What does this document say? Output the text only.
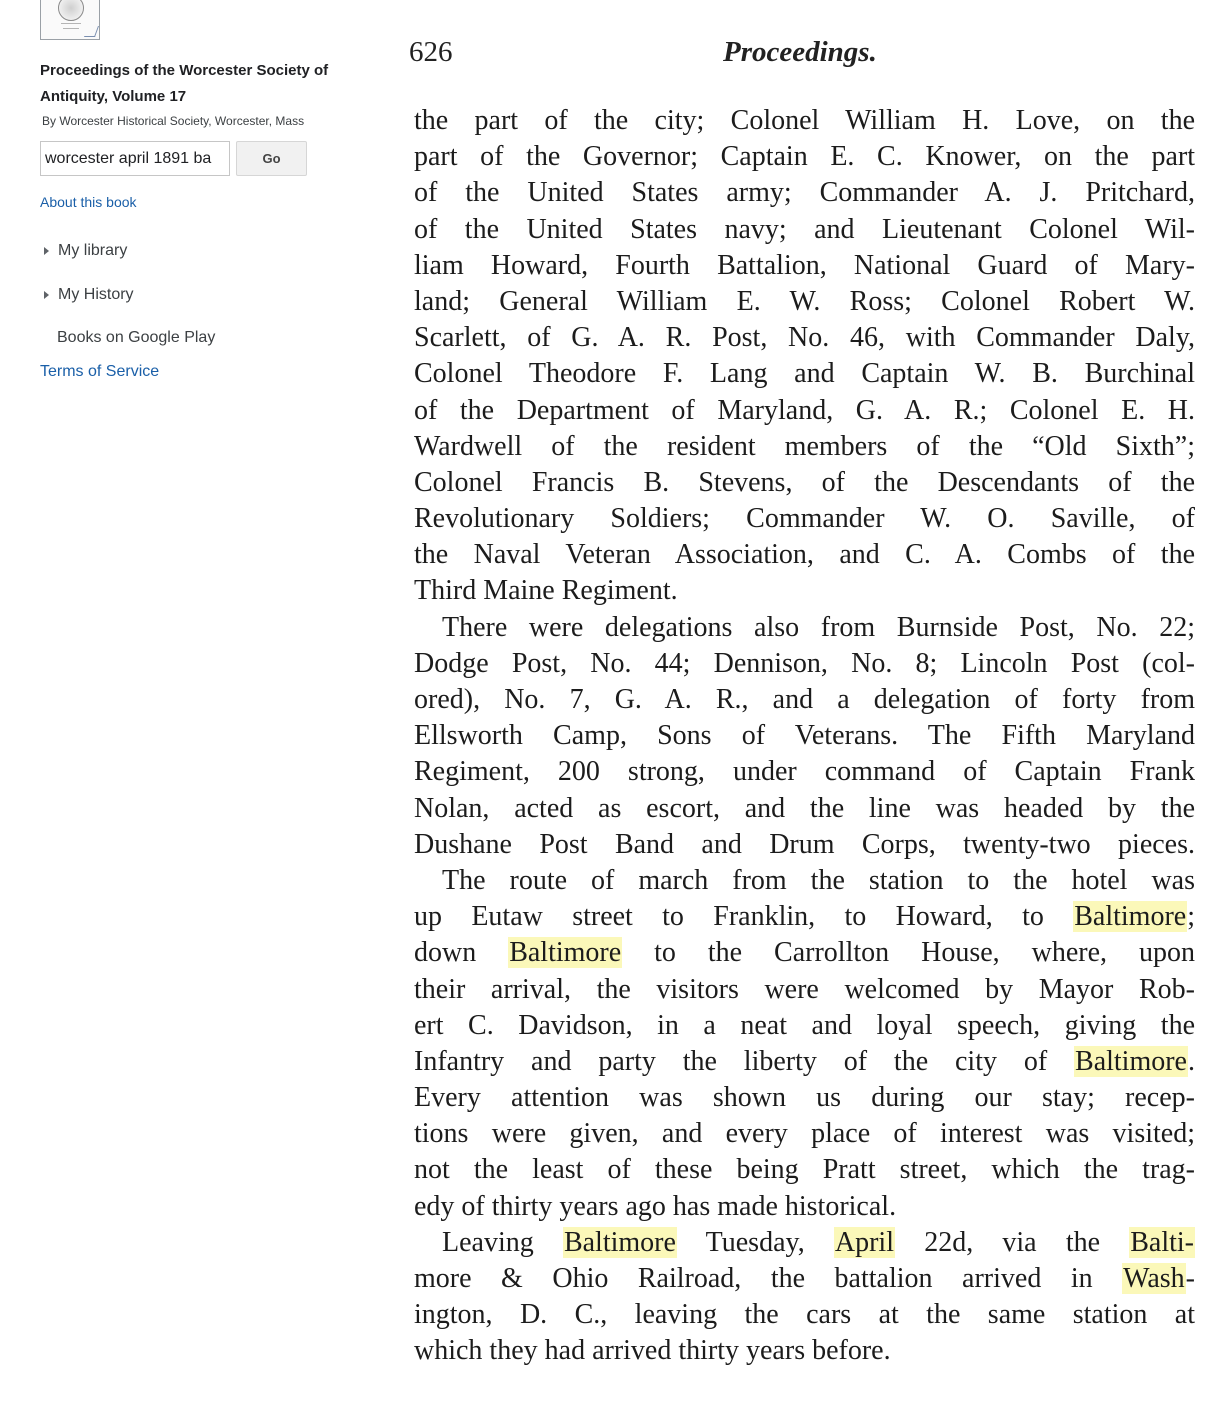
Proceedings of the Worcester Society of Antiquity, Volume 17
By Worcester Historical Society, Worcester, Mass
worcester april 1891 ba
Go
About this book
My library
My History
Books on Google Play
Terms of Service
626	Proceedings.
the part of the city; Colonel William H. Love, on the
part of the Governor; Captain E. C. Knower, on the part
of the United States army; Commander A. J. Pritchard,
of the United States navy; and Lieutenant Colonel Wil-
liam Howard, Fourth Battalion, National Guard of Mary-
land; General William E. W. Ross; Colonel Robert W.
Scarlett, of G. A. R. Post, No. 46, with Commander Daly,
Colonel Theodore F. Lang and Captain W. B. Burchinal
of the Department of Maryland, G. A. R.; Colonel E. H.
Wardwell of the resident members of the “Old Sixth”;
Colonel Francis B. Stevens, of the Descendants of the
Revolutionary Soldiers; Commander W. O. Saville, of
the Naval Veteran Association, and C. A. Combs of the
Third Maine Regiment.
There were delegations also from Burnside Post, No. 22;
Dodge Post, No. 44; Dennison, No. 8; Lincoln Post (col-
ored), No. 7, G. A. R., and a delegation of forty from
Ellsworth Camp, Sons of Veterans. The Fifth Maryland
Regiment, 200 strong, under command of Captain Frank
Nolan, acted as escort, and the line was headed by the
Dushane Post Band and Drum Corps, twenty-two pieces.
The route of march from the station to the hotel was
up Eutaw street to Franklin, to Howard, to Baltimore;
down Baltimore to the Carrollton House, where, upon
their arrival, the visitors were welcomed by Mayor Rob-
ert C. Davidson, in a neat and loyal speech, giving the
Infantry and party the liberty of the city of Baltimore.
Every attention was shown us during our stay; recep-
tions were given, and every place of interest was visited;
not the least of these being Pratt street, which the trag-
edy of thirty years ago has made historical.
Leaving Baltimore Tuesday, April 22d, via the Balti-
more & Ohio Railroad, the battalion arrived in Wash-
ington, D. C., leaving the cars at the same station at
which they had arrived thirty years before.
